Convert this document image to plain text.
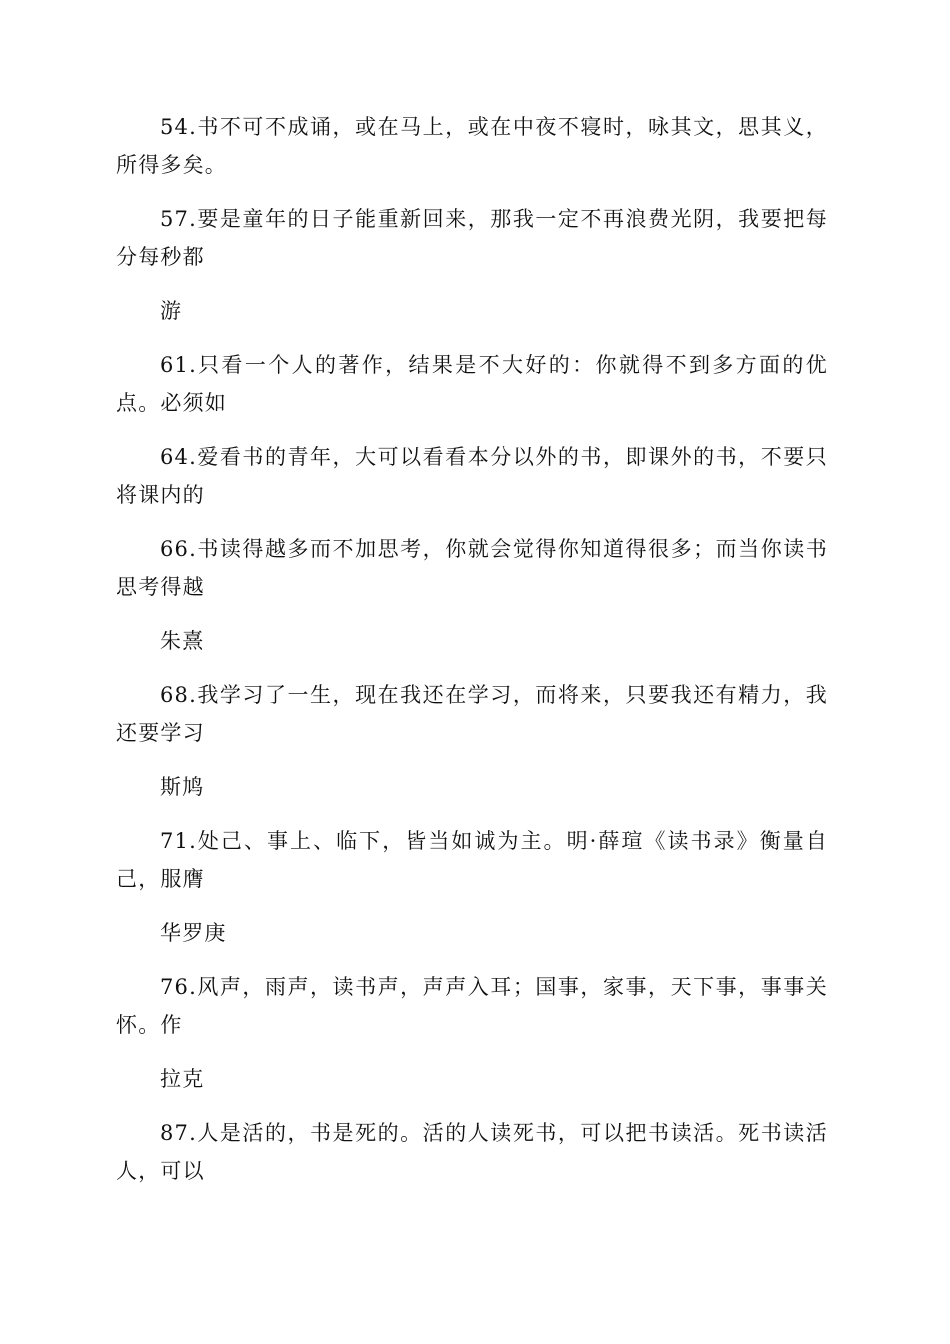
54.书不可不成诵，或在马上，或在中夜不寝时，咏其文，思其义，所得多矣。

57.要是童年的日子能重新回来，那我一定不再浪费光阴，我要把每分每秒都

游

61.只看一个人的著作，结果是不大好的：你就得不到多方面的优点。必须如

64.爱看书的青年，大可以看看本分以外的书，即课外的书，不要只将课内的

66.书读得越多而不加思考，你就会觉得你知道得很多；而当你读书思考得越

朱熹

68.我学习了一生，现在我还在学习，而将来，只要我还有精力，我还要学习

斯鸠

71.处己、事上、临下，皆当如诚为主。明·薛瑄《读书录》衡量自己，服膺

华罗庚

76.风声，雨声，读书声，声声入耳；国事，家事，天下事，事事关怀。作

拉克

87.人是活的，书是死的。活的人读死书，可以把书读活。死书读活人，可以
